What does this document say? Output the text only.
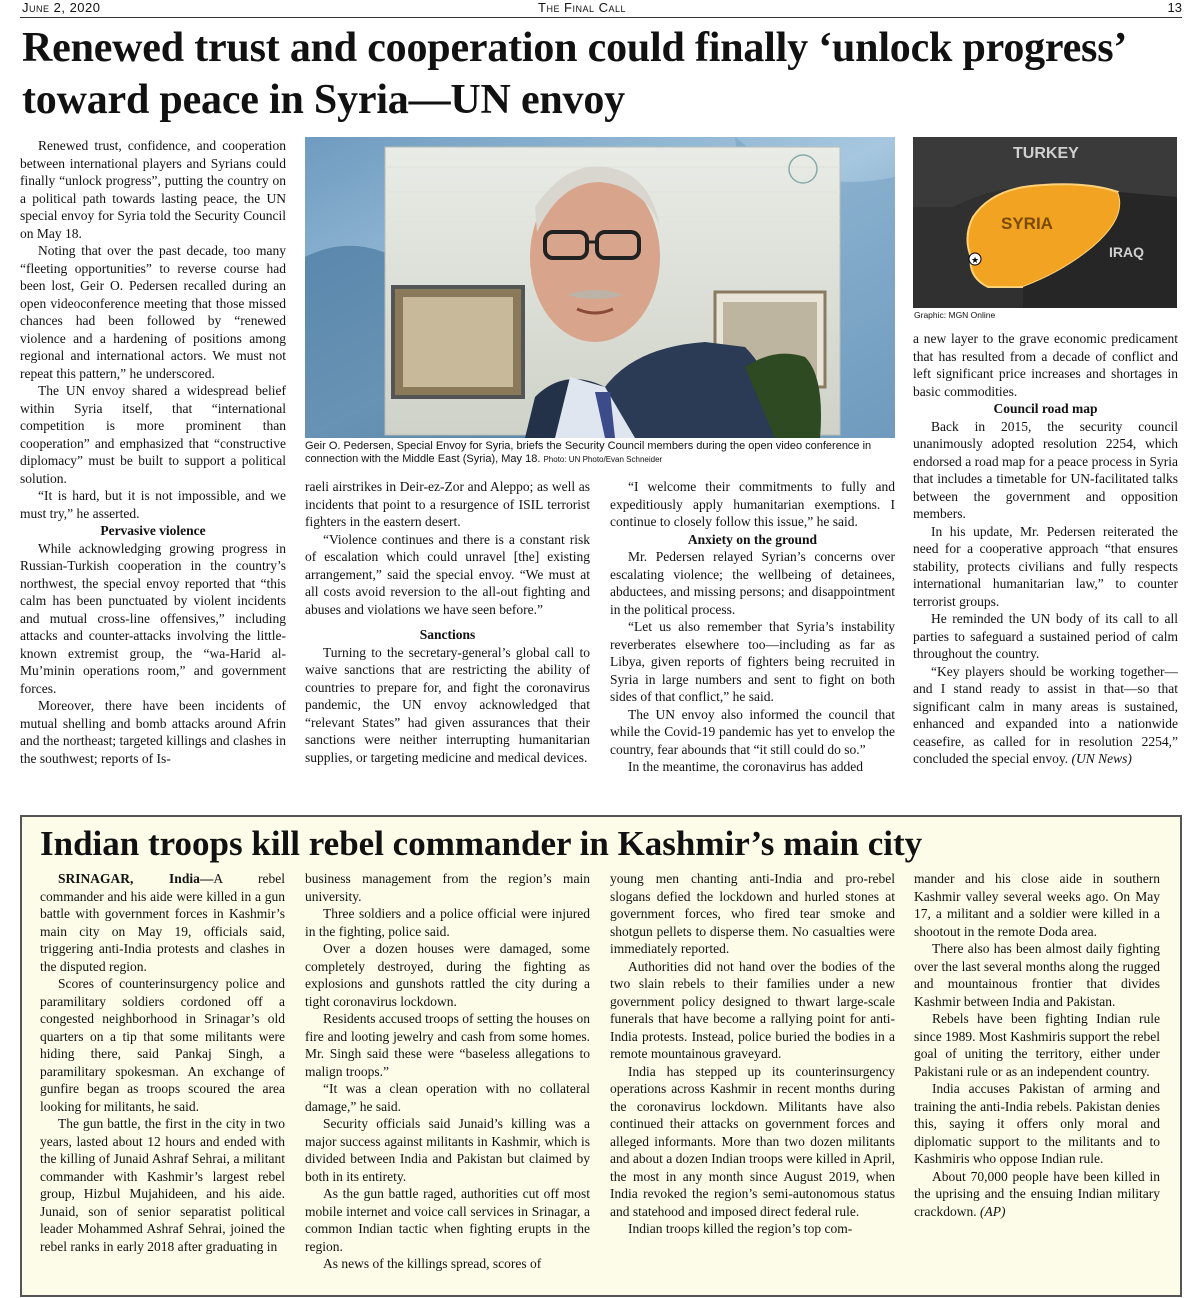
June 2, 2020	The Final Call	13
Renewed trust and cooperation could finally ‘unlock progress’ toward peace in Syria—UN envoy

Renewed trust, confidence, and cooperation between international players and Syrians could finally “unlock progress”, putting the country on a political path towards lasting peace, the UN special envoy for Syria told the Security Council on May 18.

Noting that over the past decade, too many “fleeting opportunities” to reverse course had been lost, Geir O. Pedersen recalled during an open videoconference meeting that those missed chances had been followed by “renewed violence and a hardening of positions among regional and international actors. We must not repeat this pattern,” he underscored.

The UN envoy shared a widespread belief within Syria itself, that “international competition is more prominent than cooperation” and emphasized that “constructive diplomacy” must be built to support a political solution.

“It is hard, but it is not impossible, and we must try,” he asserted.

Pervasive violence

While acknowledging growing progress in Russian-Turkish cooperation in the country’s northwest, the special envoy reported that “this calm has been punctuated by violent incidents and mutual cross-line offensives,” including attacks and counter-attacks involving the little-known extremist group, the “wa-Harid al-Mu’minin operations room,” and government forces.

Moreover, there have been incidents of mutual shelling and bomb attacks around Afrin and the northeast; targeted killings and clashes in the southwest; reports of Is-

Geir O. Pedersen, Special Envoy for Syria, briefs the Security Council members during the open video conference in connection with the Middle East (Syria), May 18. Photo: UN Photo/Evan Schneider

raeli airstrikes in Deir-ez-Zor and Aleppo; as well as incidents that point to a resurgence of ISIL terrorist fighters in the eastern desert.

“Violence continues and there is a constant risk of escalation which could unravel [the] existing arrangement,” said the special envoy. “We must at all costs avoid reversion to the all-out fighting and abuses and violations we have seen before.”

Sanctions

Turning to the secretary-general’s global call to waive sanctions that are restricting the ability of countries to prepare for, and fight the coronavirus pandemic, the UN envoy acknowledged that “relevant States” had given assurances that their sanctions were neither interrupting humanitarian supplies, or targeting medicine and medical devices.

“I welcome their commitments to fully and expeditiously apply humanitarian exemptions. I continue to closely follow this issue,” he said.

Anxiety on the ground

Mr. Pedersen relayed Syrian’s concerns over escalating violence; the wellbeing of detainees, abductees, and missing persons; and disappointment in the political process.

“Let us also remember that Syria’s instability reverberates elsewhere too—including as far as Libya, given reports of fighters being recruited in Syria in large numbers and sent to fight on both sides of that conflict,” he said.

The UN envoy also informed the council that while the Covid-19 pandemic has yet to envelop the country, fear abounds that “it still could do so.”

In the meantime, the coronavirus has added

★
TURKEY
SYRIA
IRAQ
Graphic: MGN Online

a new layer to the grave economic predicament that has resulted from a decade of conflict and left significant price increases and shortages in basic commodities.

Council road map

Back in 2015, the security council unanimously adopted resolution 2254, which endorsed a road map for a peace process in Syria that includes a timetable for UN-facilitated talks between the government and opposition members.

In his update, Mr. Pedersen reiterated the need for a cooperative approach “that ensures stability, protects civilians and fully respects international humanitarian law,” to counter terrorist groups.

He reminded the UN body of its call to all parties to safeguard a sustained period of calm throughout the country.

“Key players should be working together—and I stand ready to assist in that—so that significant calm in many areas is sustained, enhanced and expanded into a nationwide ceasefire, as called for in resolution 2254,” concluded the special envoy. (UN News)

Indian troops kill rebel commander in Kashmir’s main city

SRINAGAR, India—A rebel commander and his aide were killed in a gun battle with government forces in Kashmir’s main city on May 19, officials said, triggering anti-India protests and clashes in the disputed region.

Scores of counterinsurgency police and paramilitary soldiers cordoned off a congested neighborhood in Srinagar’s old quarters on a tip that some militants were hiding there, said Pankaj Singh, a paramilitary spokesman. An exchange of gunfire began as troops scoured the area looking for militants, he said.

The gun battle, the first in the city in two years, lasted about 12 hours and ended with the killing of Junaid Ashraf Sehrai, a militant commander with Kashmir’s largest rebel group, Hizbul Mujahideen, and his aide. Junaid, son of senior separatist political leader Mohammed Ashraf Sehrai, joined the rebel ranks in early 2018 after graduating in

business management from the region’s main university.

Three soldiers and a police official were injured in the fighting, police said.

Over a dozen houses were damaged, some completely destroyed, during the fighting as explosions and gunshots rattled the city during a tight coronavirus lockdown.

Residents accused troops of setting the houses on fire and looting jewelry and cash from some homes. Mr. Singh said these were “baseless allegations to malign troops.”

“It was a clean operation with no collateral damage,” he said.

Security officials said Junaid’s killing was a major success against militants in Kashmir, which is divided between India and Pakistan but claimed by both in its entirety.

As the gun battle raged, authorities cut off most mobile internet and voice call services in Srinagar, a common Indian tactic when fighting erupts in the region.

As news of the killings spread, scores of

young men chanting anti-India and pro-rebel slogans defied the lockdown and hurled stones at government forces, who fired tear smoke and shotgun pellets to disperse them. No casualties were immediately reported.

Authorities did not hand over the bodies of the two slain rebels to their families under a new government policy designed to thwart large-scale funerals that have become a rallying point for anti-India protests. Instead, police buried the bodies in a remote mountainous graveyard.

India has stepped up its counterinsurgency operations across Kashmir in recent months during the coronavirus lockdown. Militants have also continued their attacks on government forces and alleged informants. More than two dozen militants and about a dozen Indian troops were killed in April, the most in any month since August 2019, when India revoked the region’s semi-autonomous status and statehood and imposed direct federal rule.

Indian troops killed the region’s top com-

mander and his close aide in southern Kashmir valley several weeks ago. On May 17, a militant and a soldier were killed in a shootout in the remote Doda area.

There also has been almost daily fighting over the last several months along the rugged and mountainous frontier that divides Kashmir between India and Pakistan.

Rebels have been fighting Indian rule since 1989. Most Kashmiris support the rebel goal of uniting the territory, either under Pakistani rule or as an independent country.

India accuses Pakistan of arming and training the anti-India rebels. Pakistan denies this, saying it offers only moral and diplomatic support to the militants and to Kashmiris who oppose Indian rule.

About 70,000 people have been killed in the uprising and the ensuing Indian military crackdown. (AP)
